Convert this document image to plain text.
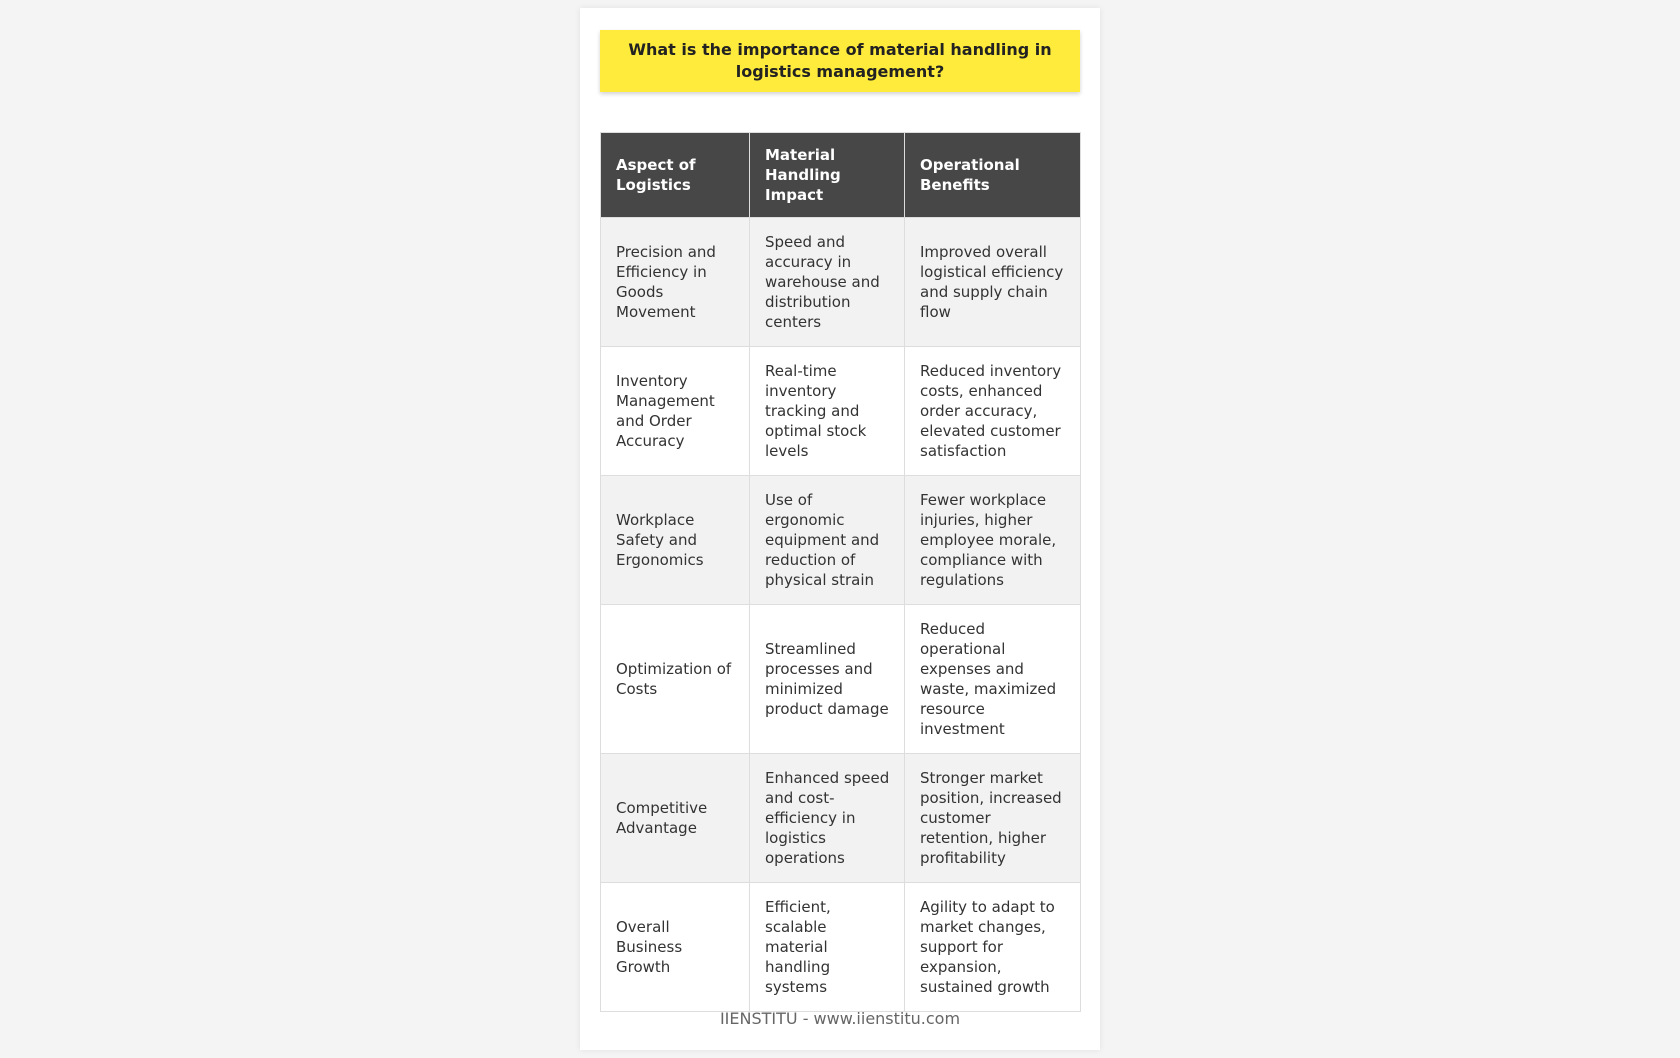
What is the importance of material handling in logistics management?
Aspect of Logistics	Material Handling Impact	Operational Benefits
Precision and Efficiency in Goods Movement	Speed and accuracy in warehouse and distribution centers	Improved overall logistical efficiency and supply chain flow
Inventory Management and Order Accuracy	Real-time inventory tracking and optimal stock levels	Reduced inventory costs, enhanced order accuracy, elevated customer satisfaction
Workplace Safety and Ergonomics	Use of ergonomic equipment and reduction of physical strain	Fewer workplace injuries, higher employee morale, compliance with regulations
Optimization of Costs	Streamlined processes and minimized product damage	Reduced operational expenses and waste, maximized resource investment
Competitive Advantage	Enhanced speed and cost-efficiency in logistics operations	Stronger market position, increased customer retention, higher profitability
Overall Business Growth	Efficient, scalable material handling systems	Agility to adapt to market changes, support for expansion, sustained growth
IIENSTITU - www.iienstitu.com
